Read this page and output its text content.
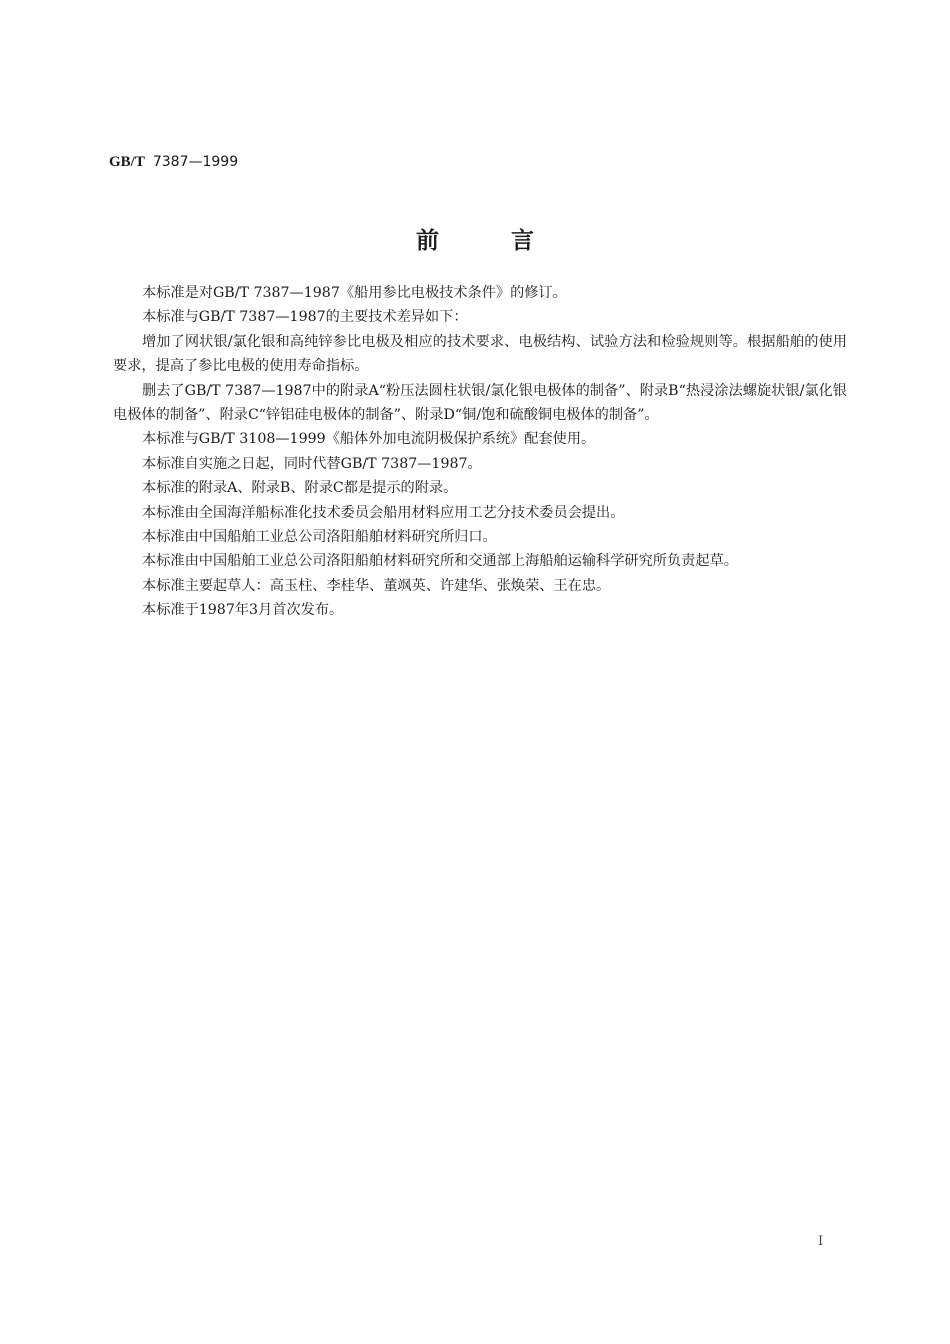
GB/T 7387—1999
前言

本标准是对GB/T 7387—1987《船用参比电极技术条件》的修订。

本标准与GB/T 7387—1987的主要技术差异如下：

增加了网状银/氯化银和高纯锌参比电极及相应的技术要求、电极结构、试验方法和检验规则等。根据船舶的使用要求，提高了参比电极的使用寿命指标。

删去了GB/T 7387—1987中的附录A“粉压法圆柱状银/氯化银电极体的制备”、附录B“热浸涂法螺旋状银/氯化银电极体的制备”、附录C“锌铝硅电极体的制备”、附录D“铜/饱和硫酸铜电极体的制备”。

本标准与GB/T 3108—1999《船体外加电流阴极保护系统》配套使用。

本标准自实施之日起，同时代替GB/T 7387—1987。

本标准的附录A、附录B、附录C都是提示的附录。

本标准由全国海洋船标准化技术委员会船用材料应用工艺分技术委员会提出。

本标准由中国船舶工业总公司洛阳船舶材料研究所归口。

本标准由中国船舶工业总公司洛阳船舶材料研究所和交通部上海船舶运输科学研究所负责起草。

本标准主要起草人：高玉柱、李桂华、董飒英、许建华、张焕荣、王在忠。

本标准于1987年3月首次发布。

I
